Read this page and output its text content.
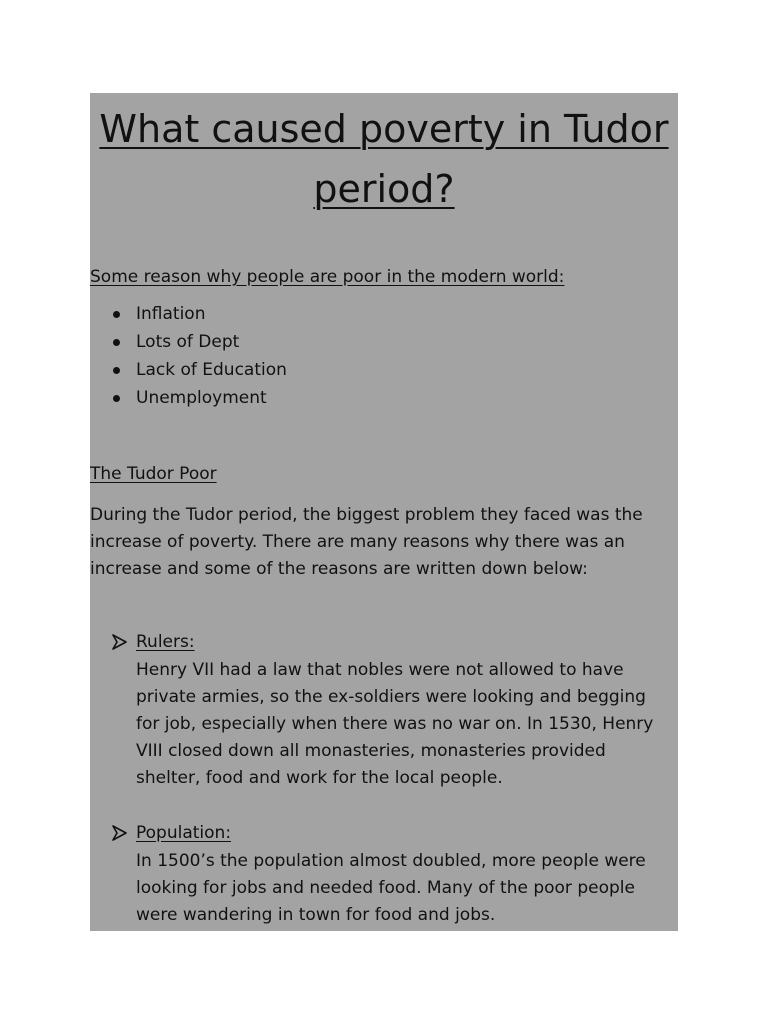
What caused poverty in Tudor period?

Some reason why people are poor in the modern world:

Inflation
Lots of Dept
Lack of Education
Unemployment

The Tudor Poor

During the Tudor period, the biggest problem they faced was the increase of poverty. There are many reasons why there was an increase and some of the reasons are written down below:

Rulers:

Henry VII had a law that nobles were not allowed to have private armies, so the ex-soldiers were looking and begging for job, especially when there was no war on. In 1530, Henry VIII closed down all monasteries, monasteries provided shelter, food and work for the local people.

Population:

In 1500’s the population almost doubled, more people were looking for jobs and needed food. Many of the poor people were wandering in town for food and jobs.
